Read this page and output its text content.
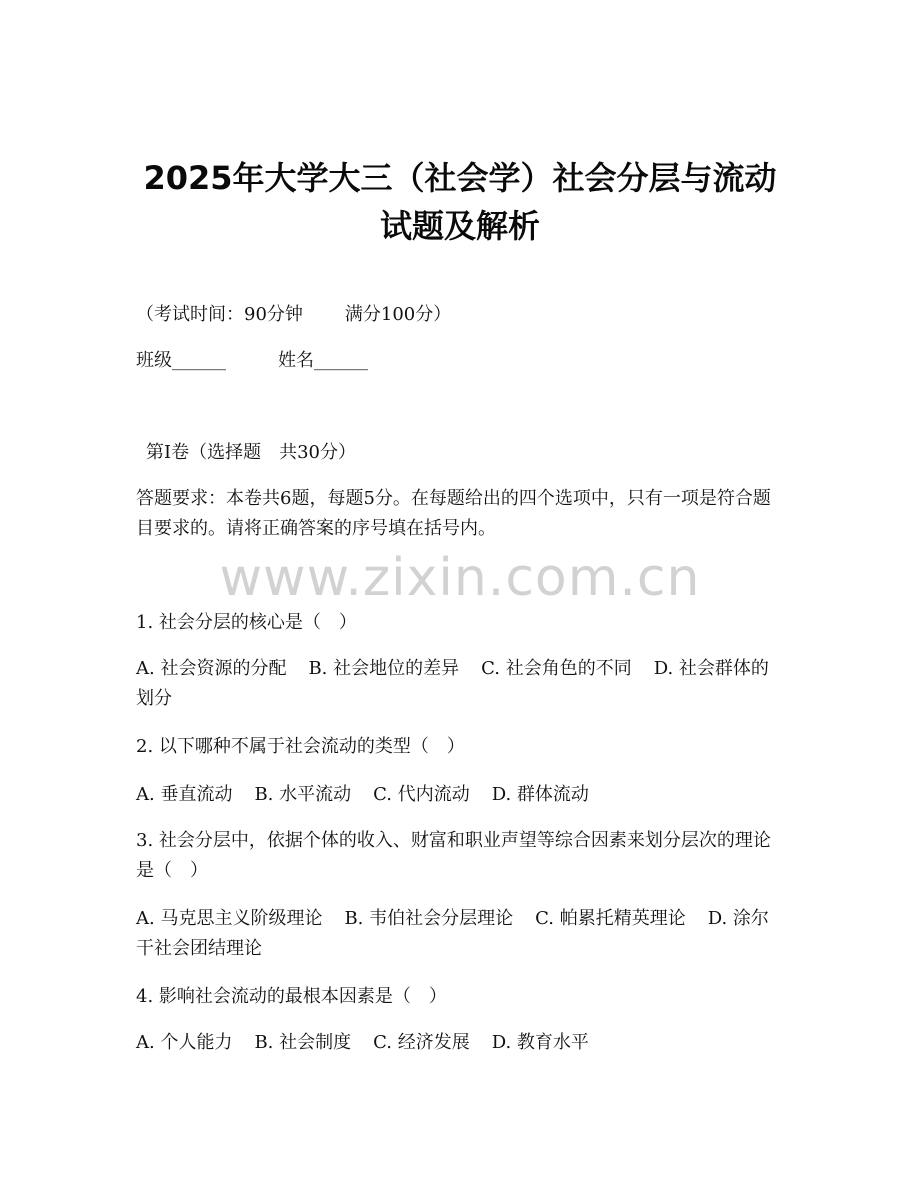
2025年大学大三（社会学）社会分层与流动
试题及解析

（考试时间：90分钟 满分100分）

班级______	姓名______

第Ⅰ卷（选择题　共30分）

答题要求：本卷共6题，每题5分。在每题给出的四个选项中，只有一项是符合题目要求的。请将正确答案的序号填在括号内。

www.zixin.com.cn

1. 社会分层的核心是（　）

A. 社会资源的分配 B. 社会地位的差异 C. 社会角色的不同 D. 社会群体的划分

2. 以下哪种不属于社会流动的类型（　）

A. 垂直流动 B. 水平流动 C. 代内流动 D. 群体流动

3. 社会分层中，依据个体的收入、财富和职业声望等综合因素来划分层次的理论是（　）

A. 马克思主义阶级理论 B. 韦伯社会分层理论 C. 帕累托精英理论 D. 涂尔干社会团结理论

4. 影响社会流动的最根本因素是（　）

A. 个人能力 B. 社会制度 C. 经济发展 D. 教育水平
